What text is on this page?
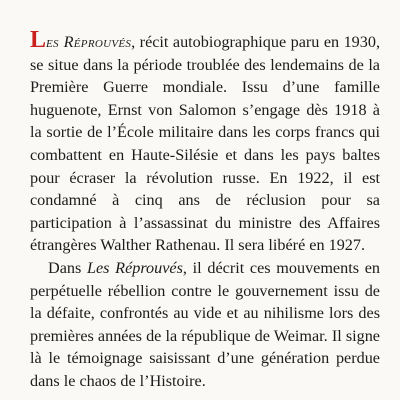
Les Réprouvés, récit autobiographique paru en 1930, se situe dans la période troublée des lendemains de la Première Guerre mondiale. Issu d’une famille huguenote, Ernst von Salomon s’engage dès 1918 à la sortie de l’École militaire dans les corps francs qui combattent en Haute-Silésie et dans les pays baltes pour écraser la révolution russe. En 1922, il est condamné à cinq ans de réclusion pour sa participation à l’assassinat du ministre des Affaires étrangères Walther Rathenau. Il sera libéré en 1927.

Dans Les Réprouvés, il décrit ces mouvements en perpétuelle rébellion contre le gouvernement issu de la défaite, confrontés au vide et au nihilisme lors des premières années de la république de Weimar. Il signe là le témoignage saisissant d’une génération perdue dans le chaos de l’Histoire.
